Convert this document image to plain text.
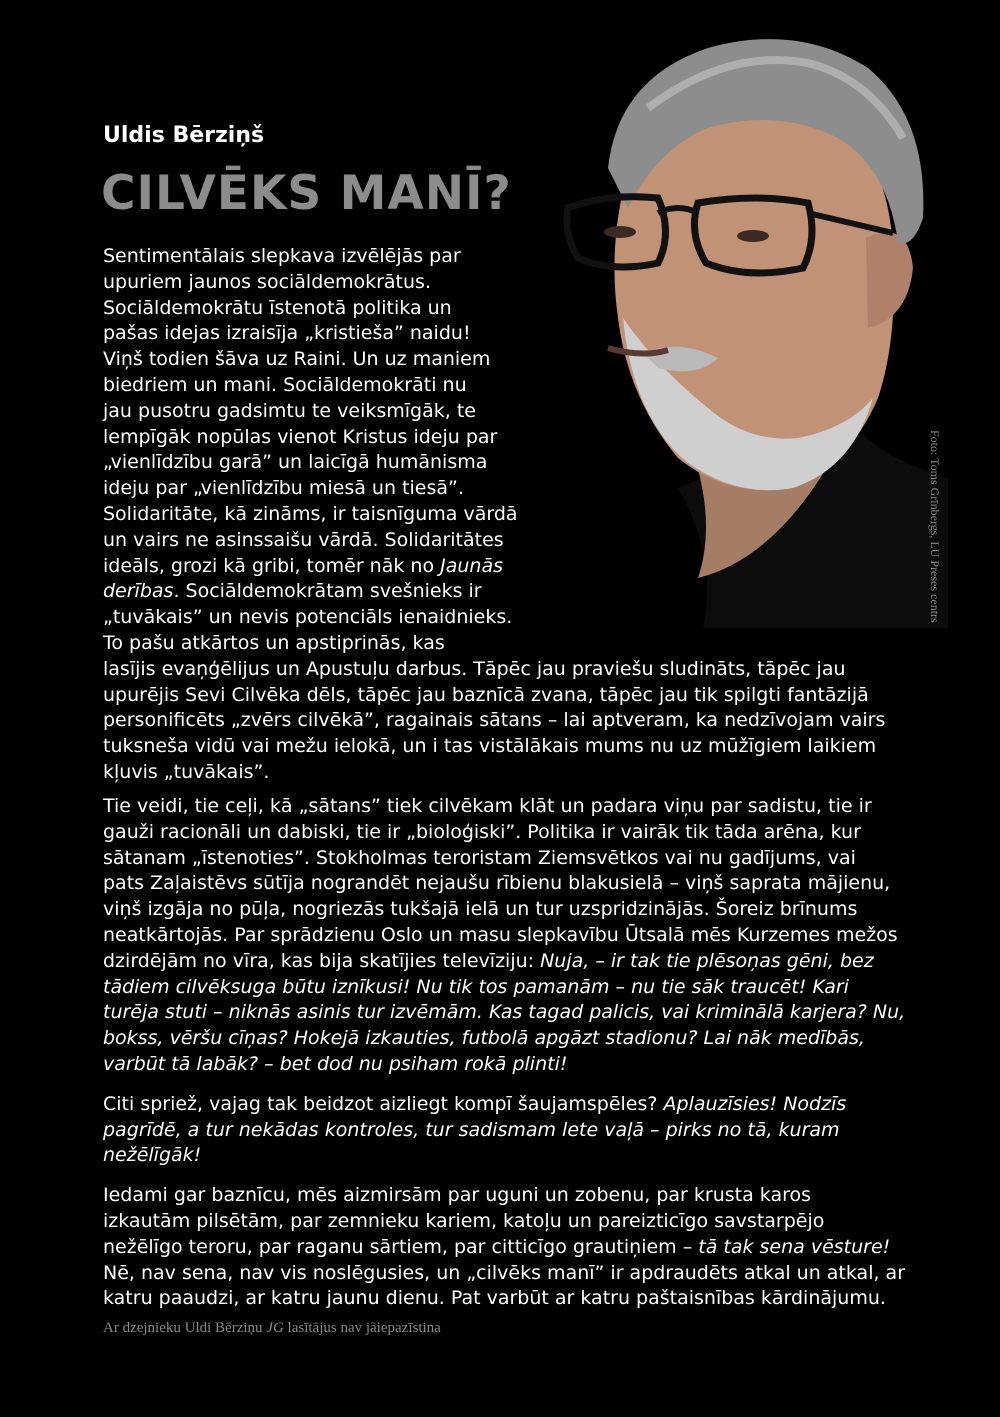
Foto: Toms Grīnbergs, LU Preses centrs
Uldis Bērziņš
CILVĒKS MANĪ?

Sentimentālais slepkava izvēlējās par
upuriem jaunos sociāldemokrātus.
Sociāldemokrātu īstenotā politika un
pašas idejas izraisīja „kristieša” naidu!
Viņš todien šāva uz Raini. Un uz maniem
biedriem un mani. Sociāldemokrāti nu
jau pusotru gadsimtu te veiksmīgāk, te
lempīgāk nopūlas vienot Kristus ideju par
„vienlīdzību garā” un laicīgā humānisma
ideju par „vienlīdzību miesā un tiesā”.
Solidaritāte, kā zināms, ir taisnīguma vārdā
un vairs ne asinssaišu vārdā. Solidaritātes
ideāls, grozi kā gribi, tomēr nāk no Jaunās
derības. Sociāldemokrātam svešnieks ir
„tuvākais” un nevis potenciāls ienaidnieks.
To pašu atkārtos un apstiprinās, kas
lasījis evaņģēlijus un Apustuļu darbus. Tāpēc jau praviešu sludināts, tāpēc jau
upurējis Sevi Cilvēka dēls, tāpēc jau baznīcā zvana, tāpēc jau tik spilgti fantāzijā
personificēts „zvērs cilvēkā”, ragainais sātans – lai aptveram, ka nedzīvojam vairs
tuksneša vidū vai mežu ielokā, un i tas vistālākais mums nu uz mūžīgiem laikiem
kļuvis „tuvākais”.

Tie veidi, tie ceļi, kā „sātans” tiek cilvēkam klāt un padara viņu par sadistu, tie ir
gauži racionāli un dabiski, tie ir „bioloģiski”. Politika ir vairāk tik tāda arēna, kur
sātanam „īstenoties”. Stokholmas teroristam Ziemsvētkos vai nu gadījums, vai
pats Zaļaistēvs sūtīja nograndēt nejaušu rībienu blakusielā – viņš saprata mājienu,
viņš izgāja no pūļa, nogriezās tukšajā ielā un tur uzspridzinājās. Šoreiz brīnums
neatkārtojās. Par sprādzienu Oslo un masu slepkavību Ūtsalā mēs Kurzemes mežos
dzirdējām no vīra, kas bija skatījies televīziju: Nuja, – ir tak tie plēsoņas gēni, bez
tādiem cilvēksuga būtu iznīkusi! Nu tik tos pamanām – nu tie sāk traucēt! Kari
turēja stuti – niknās asinis tur izvēmām. Kas tagad palicis, vai kriminālā karjera? Nu,
bokss, vēršu cīņas? Hokejā izkauties, futbolā apgāzt stadionu? Lai nāk medībās,
varbūt tā labāk? – bet dod nu psiham rokā plinti!

Citi spriež, vajag tak beidzot aizliegt kompī šaujamspēles? Aplauzīsies! Nodzīs
pagrīdē, a tur nekādas kontroles, tur sadismam lete vaļā – pirks no tā, kuram
nežēlīgāk!

Iedami gar baznīcu, mēs aizmirsām par uguni un zobenu, par krusta karos
izkautām pilsētām, par zemnieku kariem, katoļu un pareizticīgo savstarpējo
nežēlīgo teroru, par raganu sārtiem, par citticīgo grautiņiem – tā tak sena vēsture!
Nē, nav sena, nav vis noslēgusies, un „cilvēks manī” ir apdraudēts atkal un atkal, ar
katru paaudzi, ar katru jaunu dienu. Pat varbūt ar katru paštaisnības kārdinājumu.

Ar dzejnieku Uldi Bērziņu JG lasītājus nav jāiepazīstina
